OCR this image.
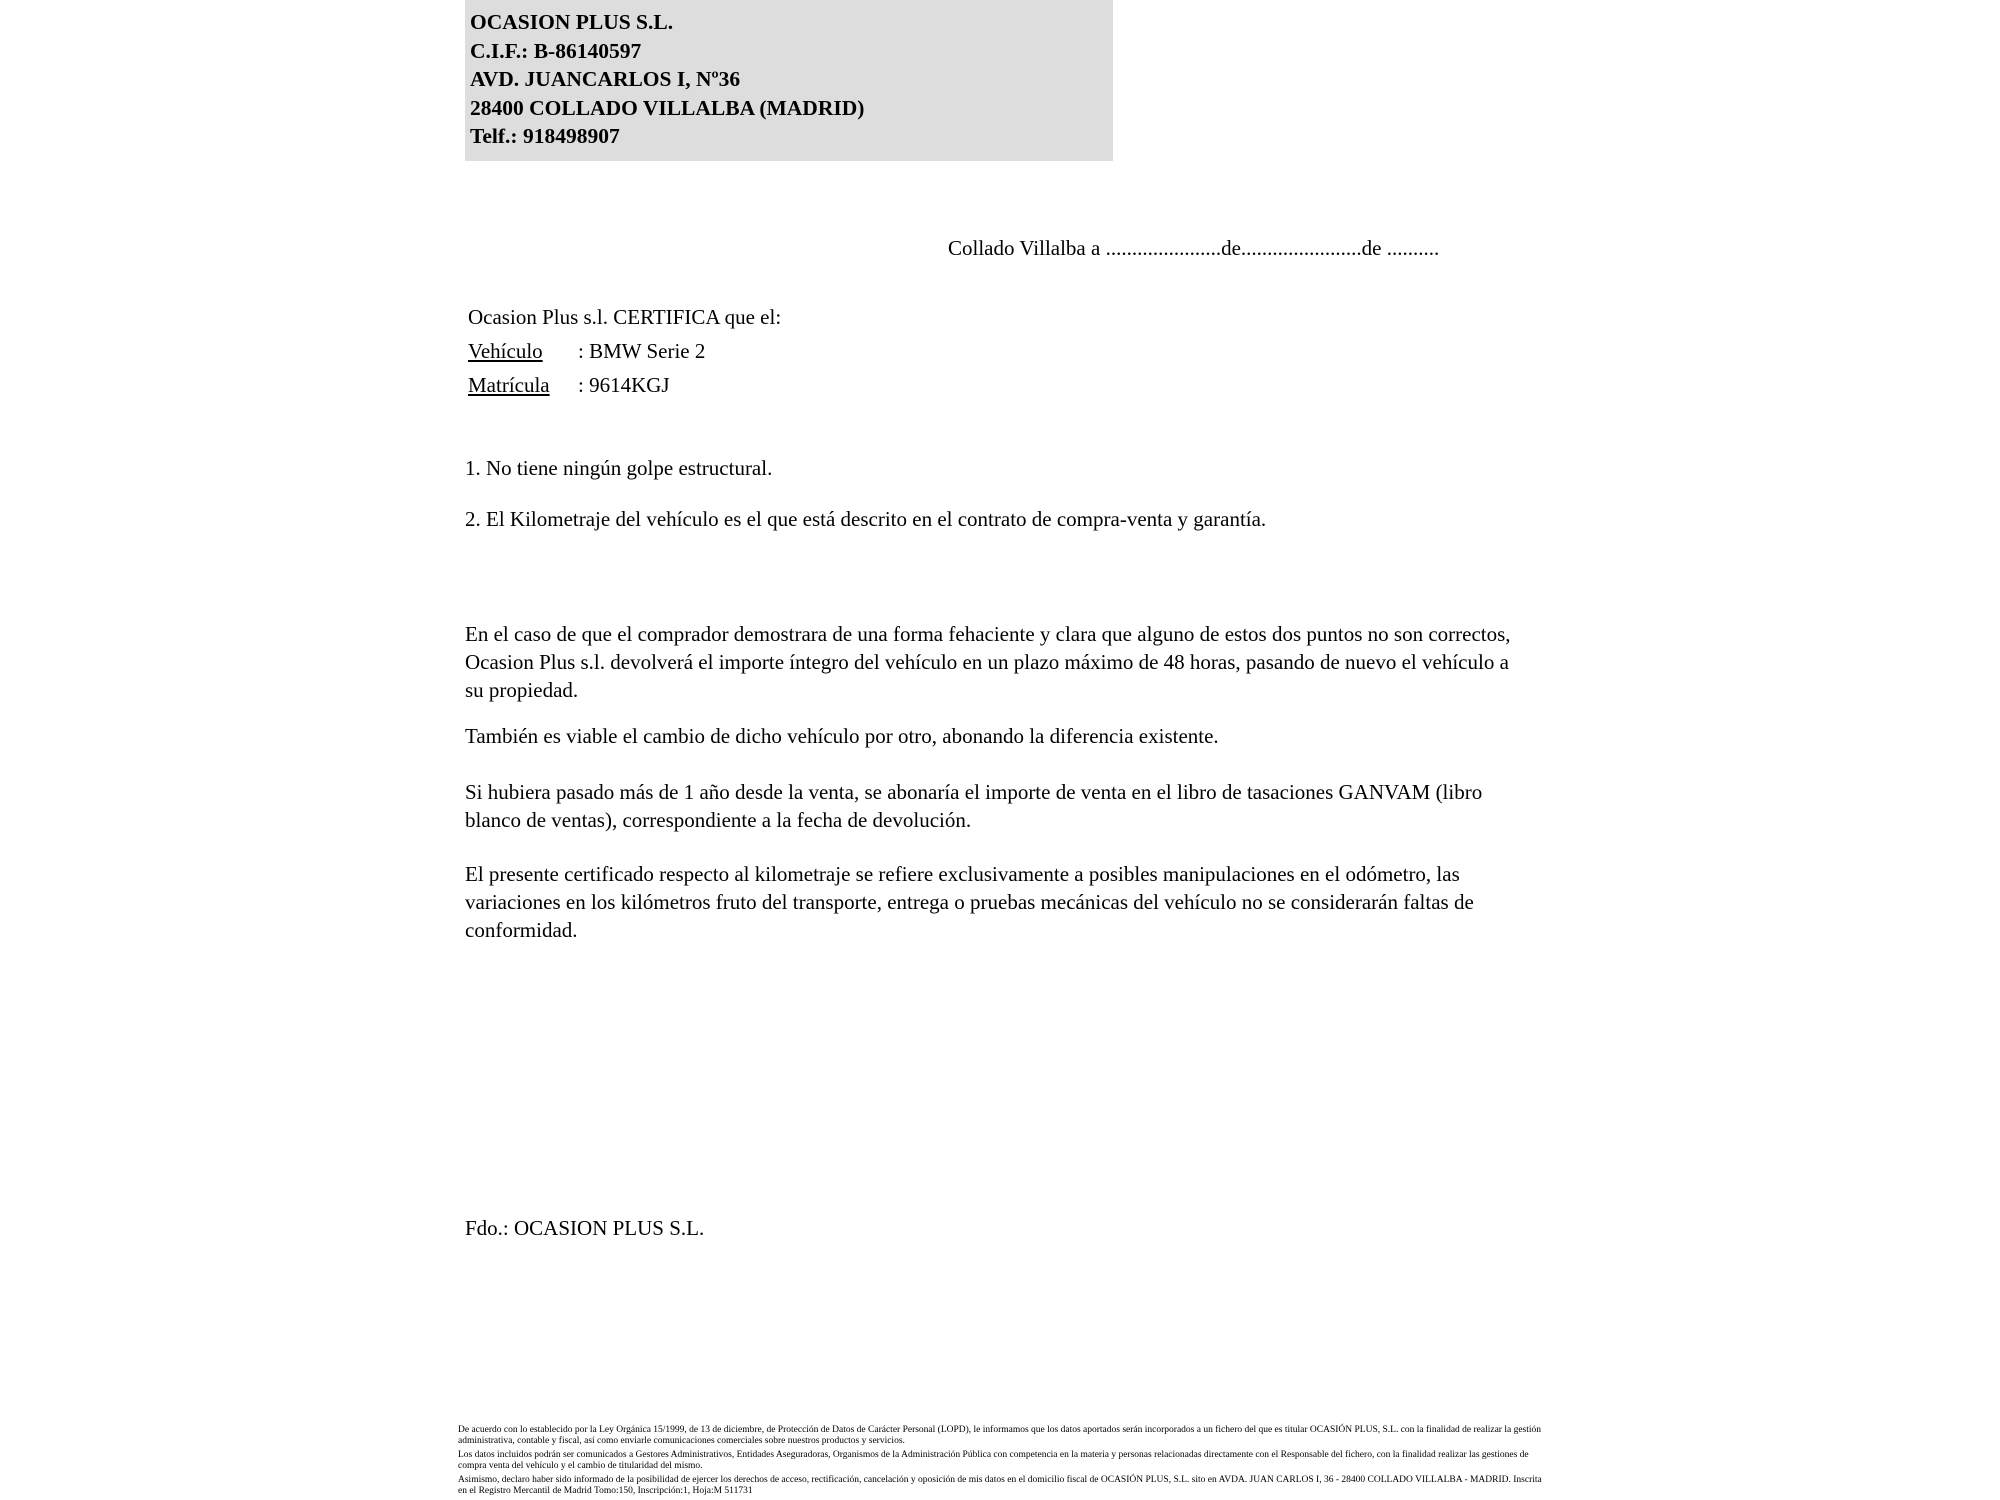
OCASION PLUS S.L.
C.I.F.: B-86140597
AVD. JUANCARLOS I, Nº36
28400 COLLADO VILLALBA (MADRID)
Telf.: 918498907
Collado Villalba a ......................de.......................de ..........
Ocasion Plus s.l. CERTIFICA que el:
Vehículo : BMW Serie 2
Matrícula : 9614KGJ
1. No tiene ningún golpe estructural.
2. El Kilometraje del vehículo es el que está descrito en el contrato de compra-venta y garantía.
En el caso de que el comprador demostrara de una forma fehaciente y clara que alguno de estos dos puntos no son correctos, Ocasion Plus s.l. devolverá el importe íntegro del vehículo en un plazo máximo de 48 horas, pasando de nuevo el vehículo a su propiedad.
También es viable el cambio de dicho vehículo por otro, abonando la diferencia existente.
Si hubiera pasado más de 1 año desde la venta, se abonaría el importe de venta en el libro de tasaciones GANVAM (libro blanco de ventas), correspondiente a la fecha de devolución.
El presente certificado respecto al kilometraje se refiere exclusivamente a posibles manipulaciones en el odómetro, las variaciones en los kilómetros fruto del transporte, entrega o pruebas mecánicas del vehículo no se considerarán faltas de conformidad.
Fdo.: OCASION PLUS S.L.

De acuerdo con lo establecido por la Ley Orgánica 15/1999, de 13 de diciembre, de Protección de Datos de Carácter Personal (LOPD), le informamos que los datos aportados serán incorporados a un fichero del que es titular OCASIÓN PLUS, S.L. con la finalidad de realizar la gestión administrativa, contable y fiscal, así como enviarle comunicaciones comerciales sobre nuestros productos y servicios.

Los datos incluidos podrán ser comunicados a Gestores Administrativos, Entidades Aseguradoras, Organismos de la Administración Pública con competencia en la materia y personas relacionadas directamente con el Responsable del fichero, con la finalidad realizar las gestiones de compra venta del vehículo y el cambio de titularidad del mismo.

Asimismo, declaro haber sido informado de la posibilidad de ejercer los derechos de acceso, rectificación, cancelación y oposición de mis datos en el domicilio fiscal de OCASIÓN PLUS, S.L. sito en AVDA. JUAN CARLOS I, 36 - 28400 COLLADO VILLALBA - MADRID. Inscrita en el Registro Mercantil de Madrid Tomo:150, Inscripción:1, Hoja:M 511731
